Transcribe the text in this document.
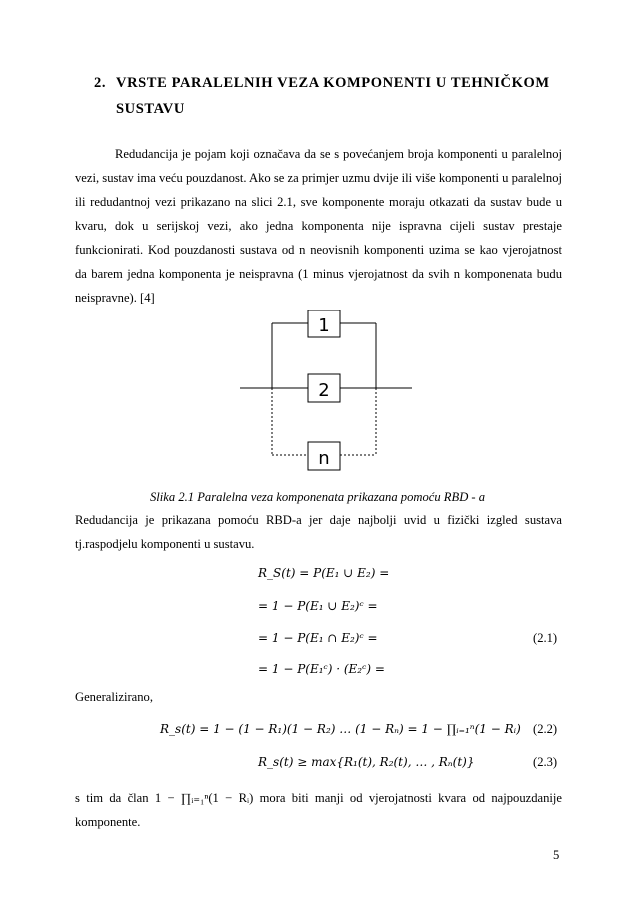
2. VRSTE PARALELNIH VEZA KOMPONENTI U TEHNIČKOM
SUSTAVU
Redudancija je pojam koji označava da se s povećanjem broja komponenti u paralelnoj
vezi, sustav ima veću pouzdanost. Ako se za primjer uzmu dvije ili više komponenti u paralelnoj
ili redudantnoj vezi prikazano na slici 2.1, sve komponente moraju otkazati da sustav bude u
kvaru, dok u serijskoj vezi, ako jedna komponenta nije ispravna cijeli sustav prestaje
funkcionirati. Kod pouzdanosti sustava od n neovisnih komponenti uzima se kao vjerojatnost
da barem jedna komponenta je neispravna (1 minus vjerojatnost da svih n komponenata budu
neispravne). [4]
1
2
n
Slika 2.1 Paralelna veza komponenata prikazana pomoću RBD - a
Redudancija je prikazana pomoću RBD-a jer daje najbolji uvid u fizički izgled sustava
tj.raspodjelu komponenti u sustavu.
R_S(t) = P(E₁ ∪ E₂) =
= 1 − P(E₁ ∪ E₂)ᶜ =
= 1 − P(E₁ ∩ E₂)ᶜ =	(2.1)
= 1 − P(E₁ᶜ) · (E₂ᶜ) =
Generalizirano,
R_s(t) = 1 − (1 − R₁)(1 − R₂) … (1 − Rₙ) = 1 − ∏ᵢ₌₁ⁿ(1 − Rᵢ) (2.2)
R_s(t) ≥ max{R₁(t), R₂(t), … , Rₙ(t)}	(2.3)
s tim da član 1 − ∏ᵢ₌₁ⁿ(1 − Rᵢ) mora biti manji od vjerojatnosti kvara od najpouzdanije
komponente.
5
